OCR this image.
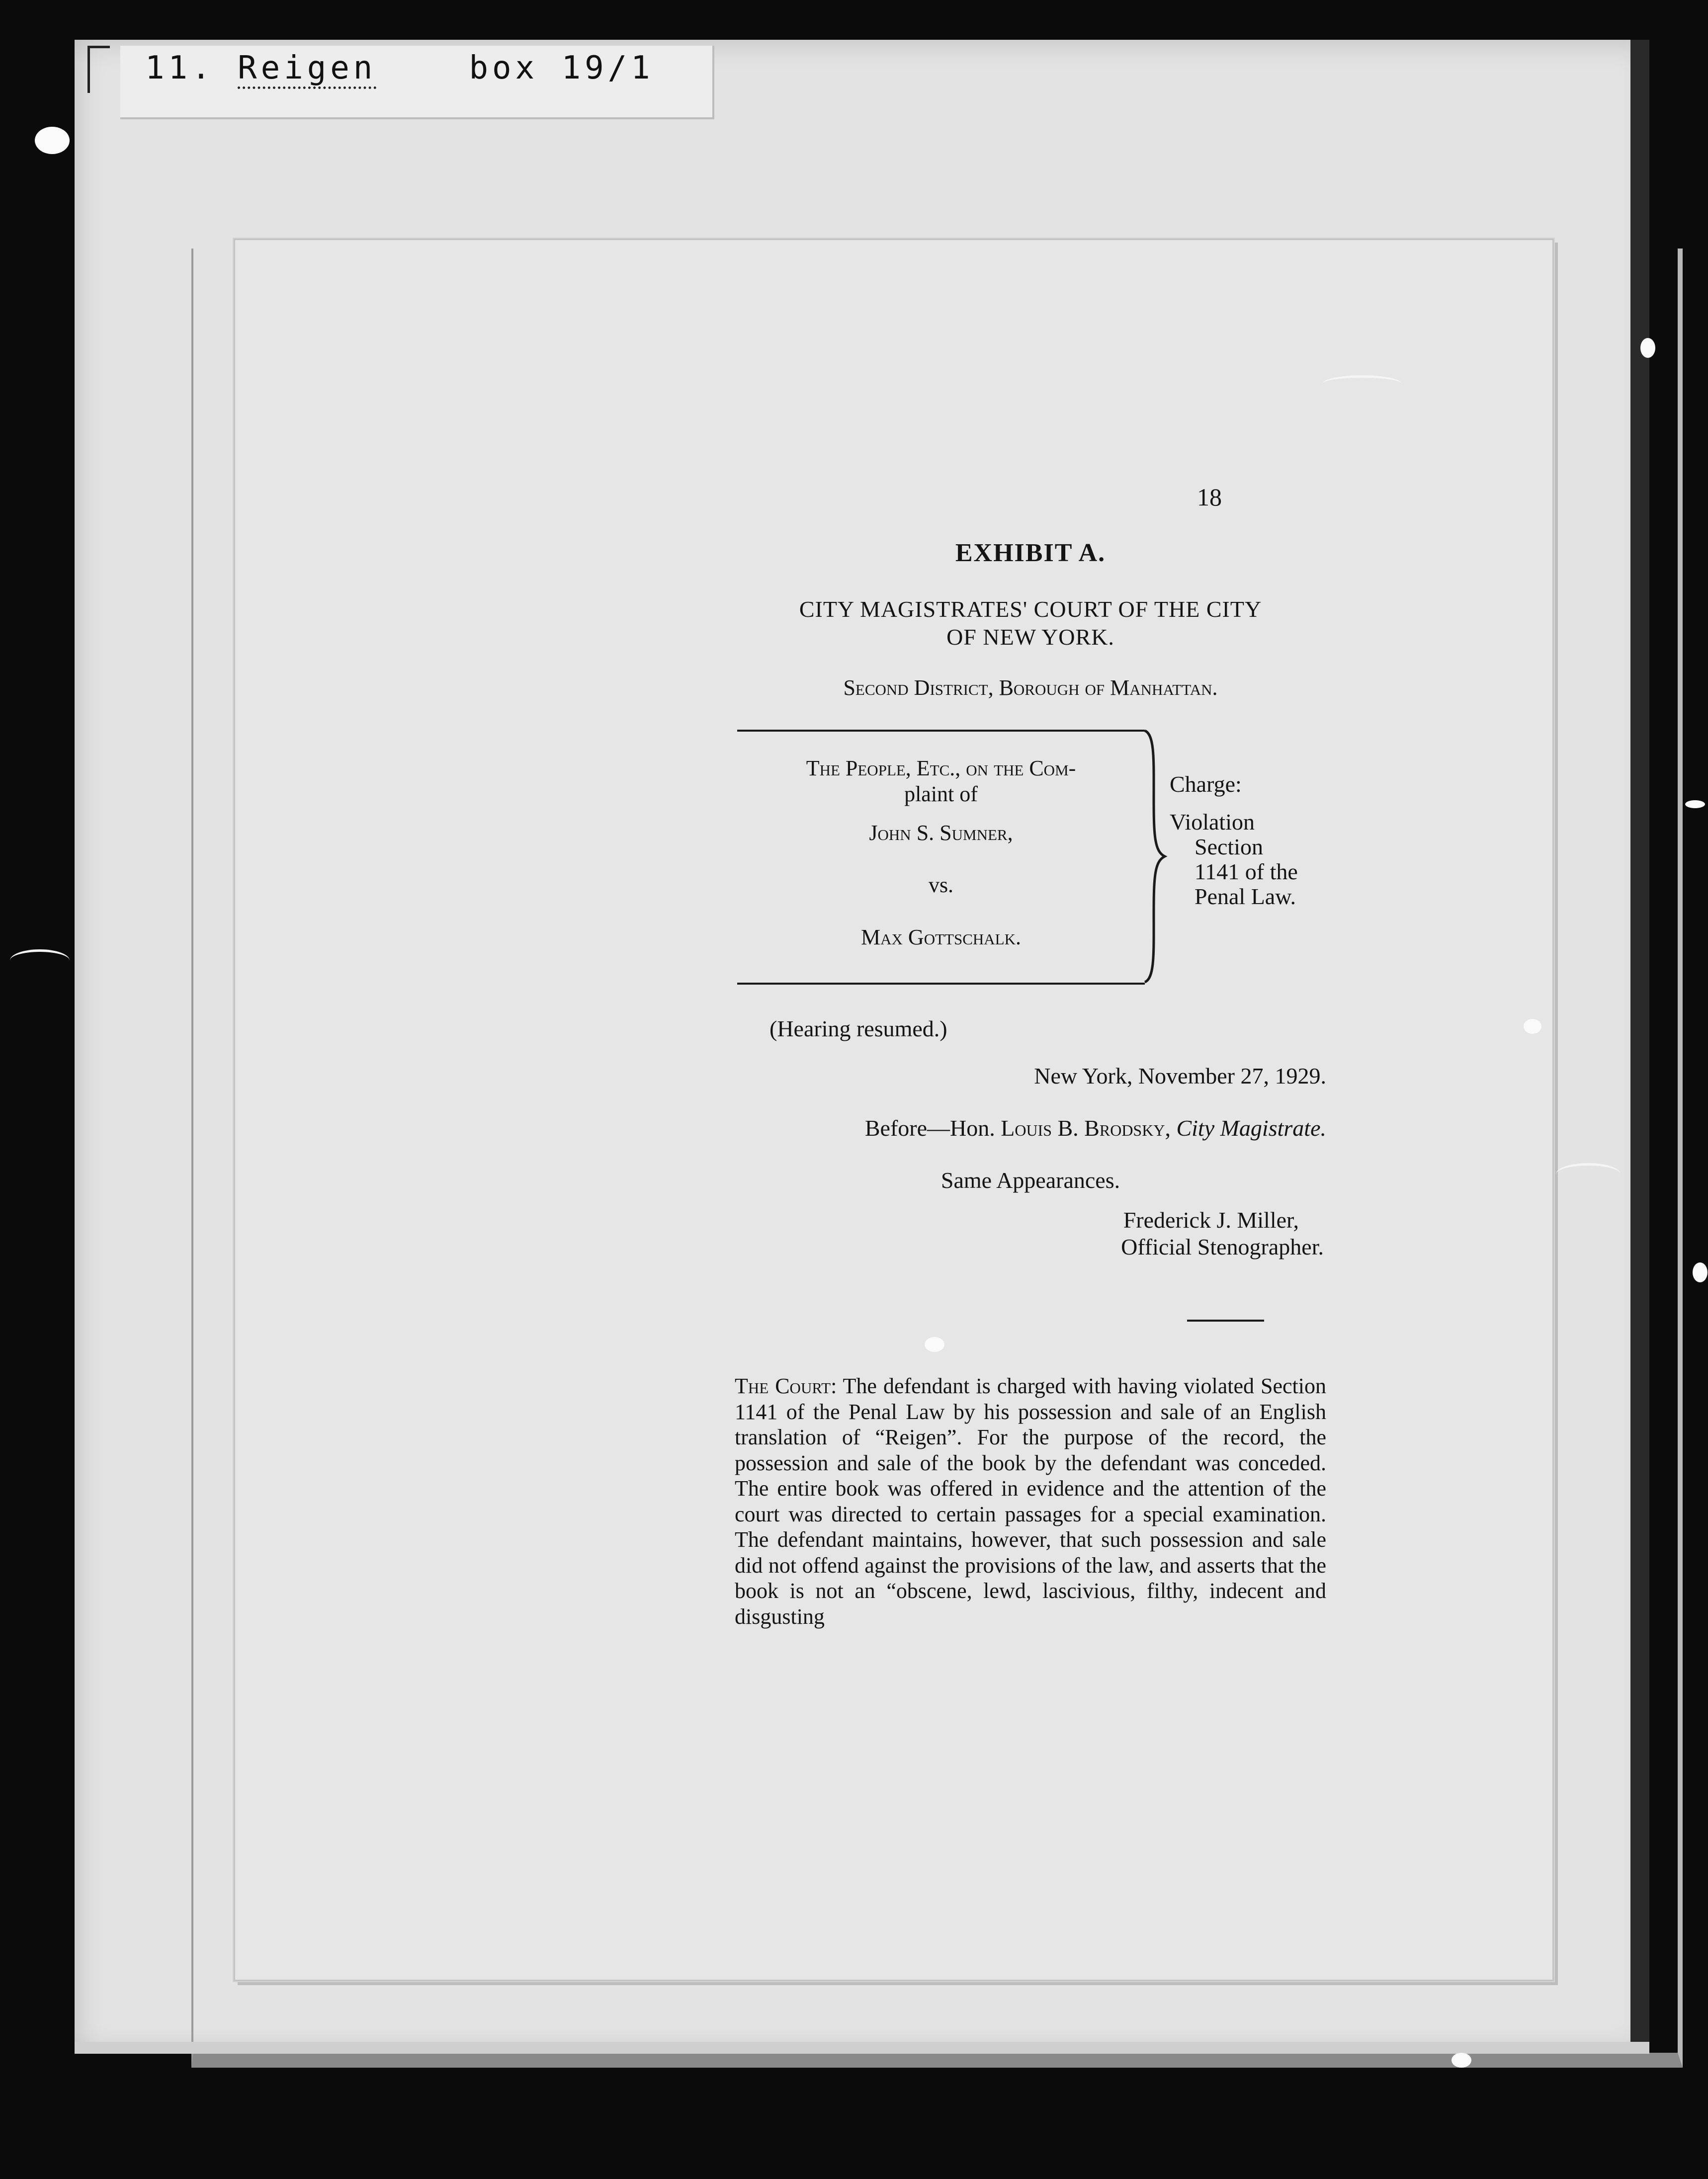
11. Reigen	box 19/1
18
EXHIBIT A.
CITY MAGISTRATES' COURT OF THE CITY
OF NEW YORK.
Second District, Borough of Manhattan.
The People, Etc., on the Com-
plaint of
John S. Sumner,
vs.
Max Gottschalk.
Charge:

Violation

Section
1141 of the
Penal Law.
(Hearing resumed.)
New York, November 27, 1929.
Before—Hon. Louis B. Brodsky, City Magistrate.
Same Appearances.
Frederick J. Miller,
Official Stenographer.
The Court: The defendant is charged with having violated Section 1141 of the Penal Law by his possession and sale of an English translation of “Reigen”. For the purpose of the record, the possession and sale of the book by the defendant was conceded. The entire book was offered in evidence and the attention of the court was directed to certain passages for a special examination. The defendant maintains, however, that such possession and sale did not offend against the provisions of the law, and asserts that the book is not an “obscene, lewd, lascivious, filthy, indecent and disgusting
